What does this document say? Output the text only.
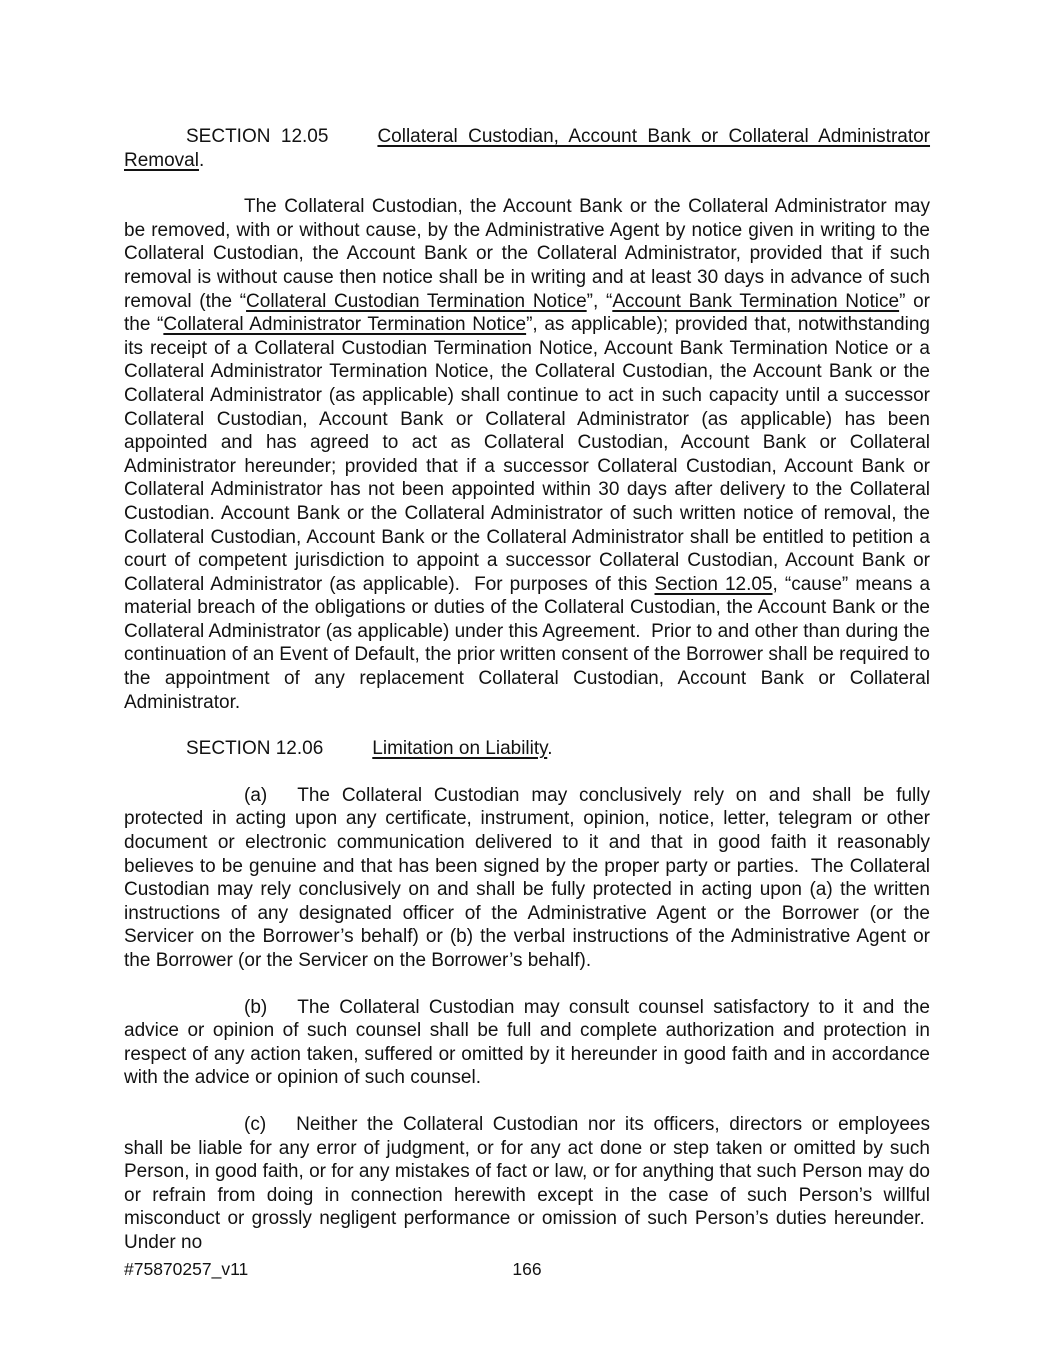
SECTION 12.05	Collateral Custodian, Account Bank or Collateral Administrator Removal.

The Collateral Custodian, the Account Bank or the Collateral Administrator may be removed, with or without cause, by the Administrative Agent by notice given in writing to the Collateral Custodian, the Account Bank or the Collateral Administrator, provided that if such removal is without cause then notice shall be in writing and at least 30 days in advance of such removal (the “Collateral Custodian Termination Notice”, “Account Bank Termination Notice” or the “Collateral Administrator Termination Notice”, as applicable); provided that, notwithstanding its receipt of a Collateral Custodian Termination Notice, Account Bank Termination Notice or a Collateral Administrator Termination Notice, the Collateral Custodian, the Account Bank or the Collateral Administrator (as applicable) shall continue to act in such capacity until a successor Collateral Custodian, Account Bank or Collateral Administrator (as applicable) has been appointed and has agreed to act as Collateral Custodian, Account Bank or Collateral Administrator hereunder; provided that if a successor Collateral Custodian, Account Bank or Collateral Administrator has not been appointed within 30 days after delivery to the Collateral Custodian. Account Bank or the Collateral Administrator of such written notice of removal, the Collateral Custodian, Account Bank or the Collateral Administrator shall be entitled to petition a court of competent jurisdiction to appoint a successor Collateral Custodian, Account Bank or Collateral Administrator (as applicable).  For purposes of this Section 12.05, “cause” means a material breach of the obligations or duties of the Collateral Custodian, the Account Bank or the Collateral Administrator (as applicable) under this Agreement.  Prior to and other than during the continuation of an Event of Default, the prior written consent of the Borrower shall be required to the appointment of any replacement Collateral Custodian, Account Bank or Collateral Administrator.

SECTION 12.06	Limitation on Liability.

(a) The Collateral Custodian may conclusively rely on and shall be fully protected in acting upon any certificate, instrument, opinion, notice, letter, telegram or other document or electronic communication delivered to it and that in good faith it reasonably believes to be genuine and that has been signed by the proper party or parties.  The Collateral Custodian may rely conclusively on and shall be fully protected in acting upon (a) the written instructions of any designated officer of the Administrative Agent or the Borrower (or the Servicer on the Borrower’s behalf) or (b) the verbal instructions of the Administrative Agent or the Borrower (or the Servicer on the Borrower’s behalf).

(b) The Collateral Custodian may consult counsel satisfactory to it and the advice or opinion of such counsel shall be full and complete authorization and protection in respect of any action taken, suffered or omitted by it hereunder in good faith and in accordance with the advice or opinion of such counsel.

(c) Neither the Collateral Custodian nor its officers, directors or employees shall be liable for any error of judgment, or for any act done or step taken or omitted by such Person, in good faith, or for any mistakes of fact or law, or for anything that such Person may do or refrain from doing in connection herewith except in the case of such Person’s willful misconduct or grossly negligent performance or omission of such Person’s duties hereunder.  Under no

#75870257_v11	166
